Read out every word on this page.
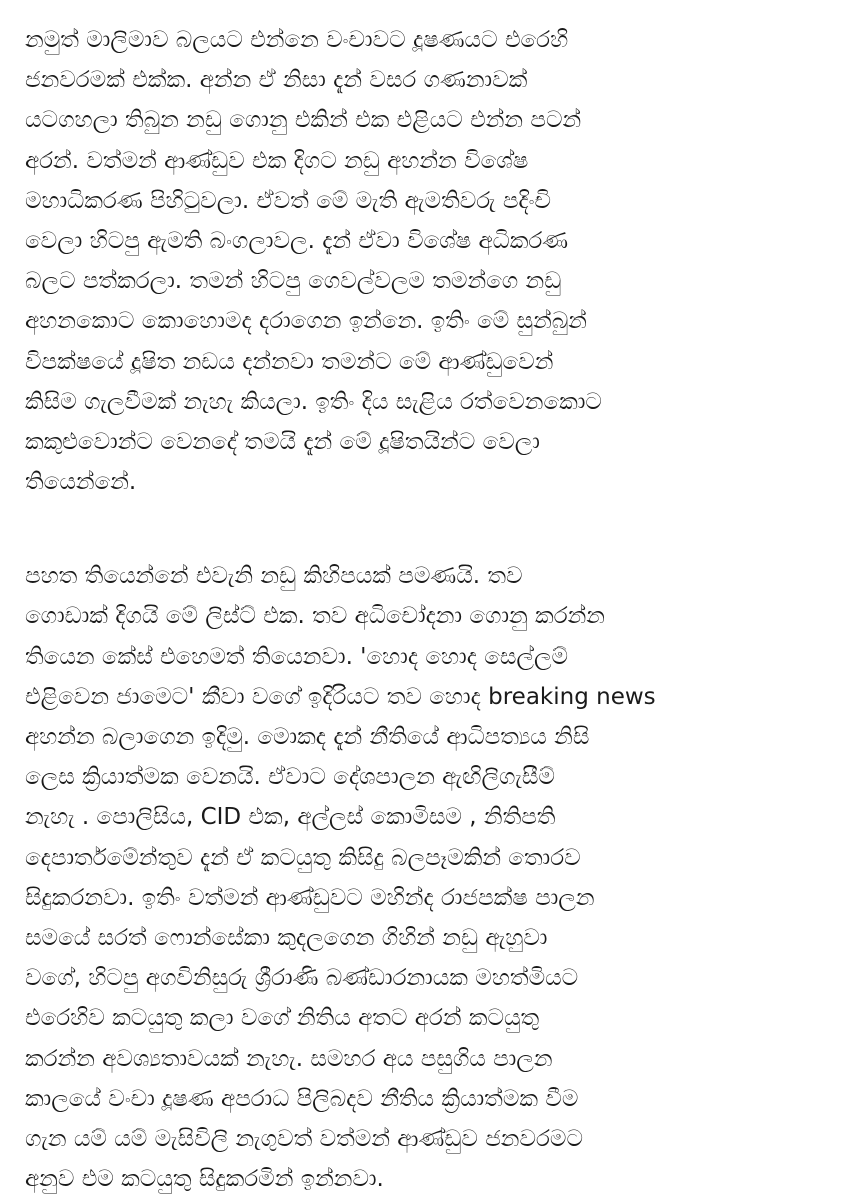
නමුත් මාලිමාව බලයට එන්නෙ වංචාවට දූෂණයට එරෙහි
ජනවරමක් එක්ක. අන්න ඒ නිසා දැන් වසර ගණනාවක්
යටගහලා තිබුන නඩු ගොනු එකින් එක එළියට එන්න පටන්
අරන්. වත්මන් ආණ්ඩුව එක දිගට නඩු අහන්න විශේෂ
මහාධිකරණ පිහිටුවලා. ඒවත් මේ මැති ඇමතිවරු පදිංචි
වෙලා හිටපු ඇමති බංගලාවල. දැන් ඒවා විශේෂ අධිකරණ
බලට පත්කරලා. තමන් හිටපු ගෙවල්වලම තමන්ගෙ නඩු
අහනකොට කොහොමද දරාගෙන ඉන්නෙ. ඉතිං මේ සුන්බුන්
විපක්ෂයේ දූෂිත නඩය දන්නවා තමන්ට මේ ආණ්ඩුවෙන්
කිසිම ගැලවීමක් නැහැ කියලා. ඉතිං දිය සැළිය රත්වෙනකොට
කකුළුවොන්ට වෙනදේ තමයි දැන් මේ දූෂිතයින්ට වෙලා
තියෙන්නේ.

පහත තියෙන්නේ එවැනි නඩු කිහිපයක් පමණයි. තව
ගොඩාක් දිගයි මේ ලිස්ට් එක. තව අධිචෝදනා ගොනු කරන්න
තියෙන කේස් එහෙමත් තියෙනවා. 'හොද හොද සෙල්ලම්
එළිවෙන ජාමෙට' කීවා වගේ ඉදිරියට තව හොද breaking news
අහන්න බලාගෙන ඉදිමු. මොකද දැන් නීතියේ ආධිපත්‍යය නිසි
ලෙස ක්‍රියාත්මක වෙනයි. ඒවාට දේශපාලන ඇඟිලිගැසීම්
නැහැ . පොලිසිය, CID එක, අල්ලස් කොමිසම , නිතිපති
දෙපාර්තමේන්තුව දැන් ඒ කටයුතු කිසිදු බලපෑමකින් තොරව
සිදුකරනවා. ඉතිං වත්මන් ආණ්ඩුවට මහින්ද රාජපක්ෂ පාලන
සමයේ සරත් ෆොන්සේකා කුදලගෙන ගිහින් නඩු ඇහුවා
වගේ, හිටපු අගවිනිසුරු ශ්‍රීරාණි බණ්ඩාරනායක මහත්මියට
එරෙහිව කටයුතු කලා වගේ නිතිය අතට අරන් කටයුතු
කරන්න අවශ්‍යතාවයක් නැහැ. සමහර අය පසුගිය පාලන
කාලයේ වංචා දූෂණ අපරාධ පිලිබදව නීතිය ක්‍රියාත්මක වීම
ගැන යම් යම් මැසිවිලි නැගුවත් වත්මන් ආණ්ඩුව ජනවරමට
අනුව එම කටයුතු සිදුකරමින් ඉන්නවා.
